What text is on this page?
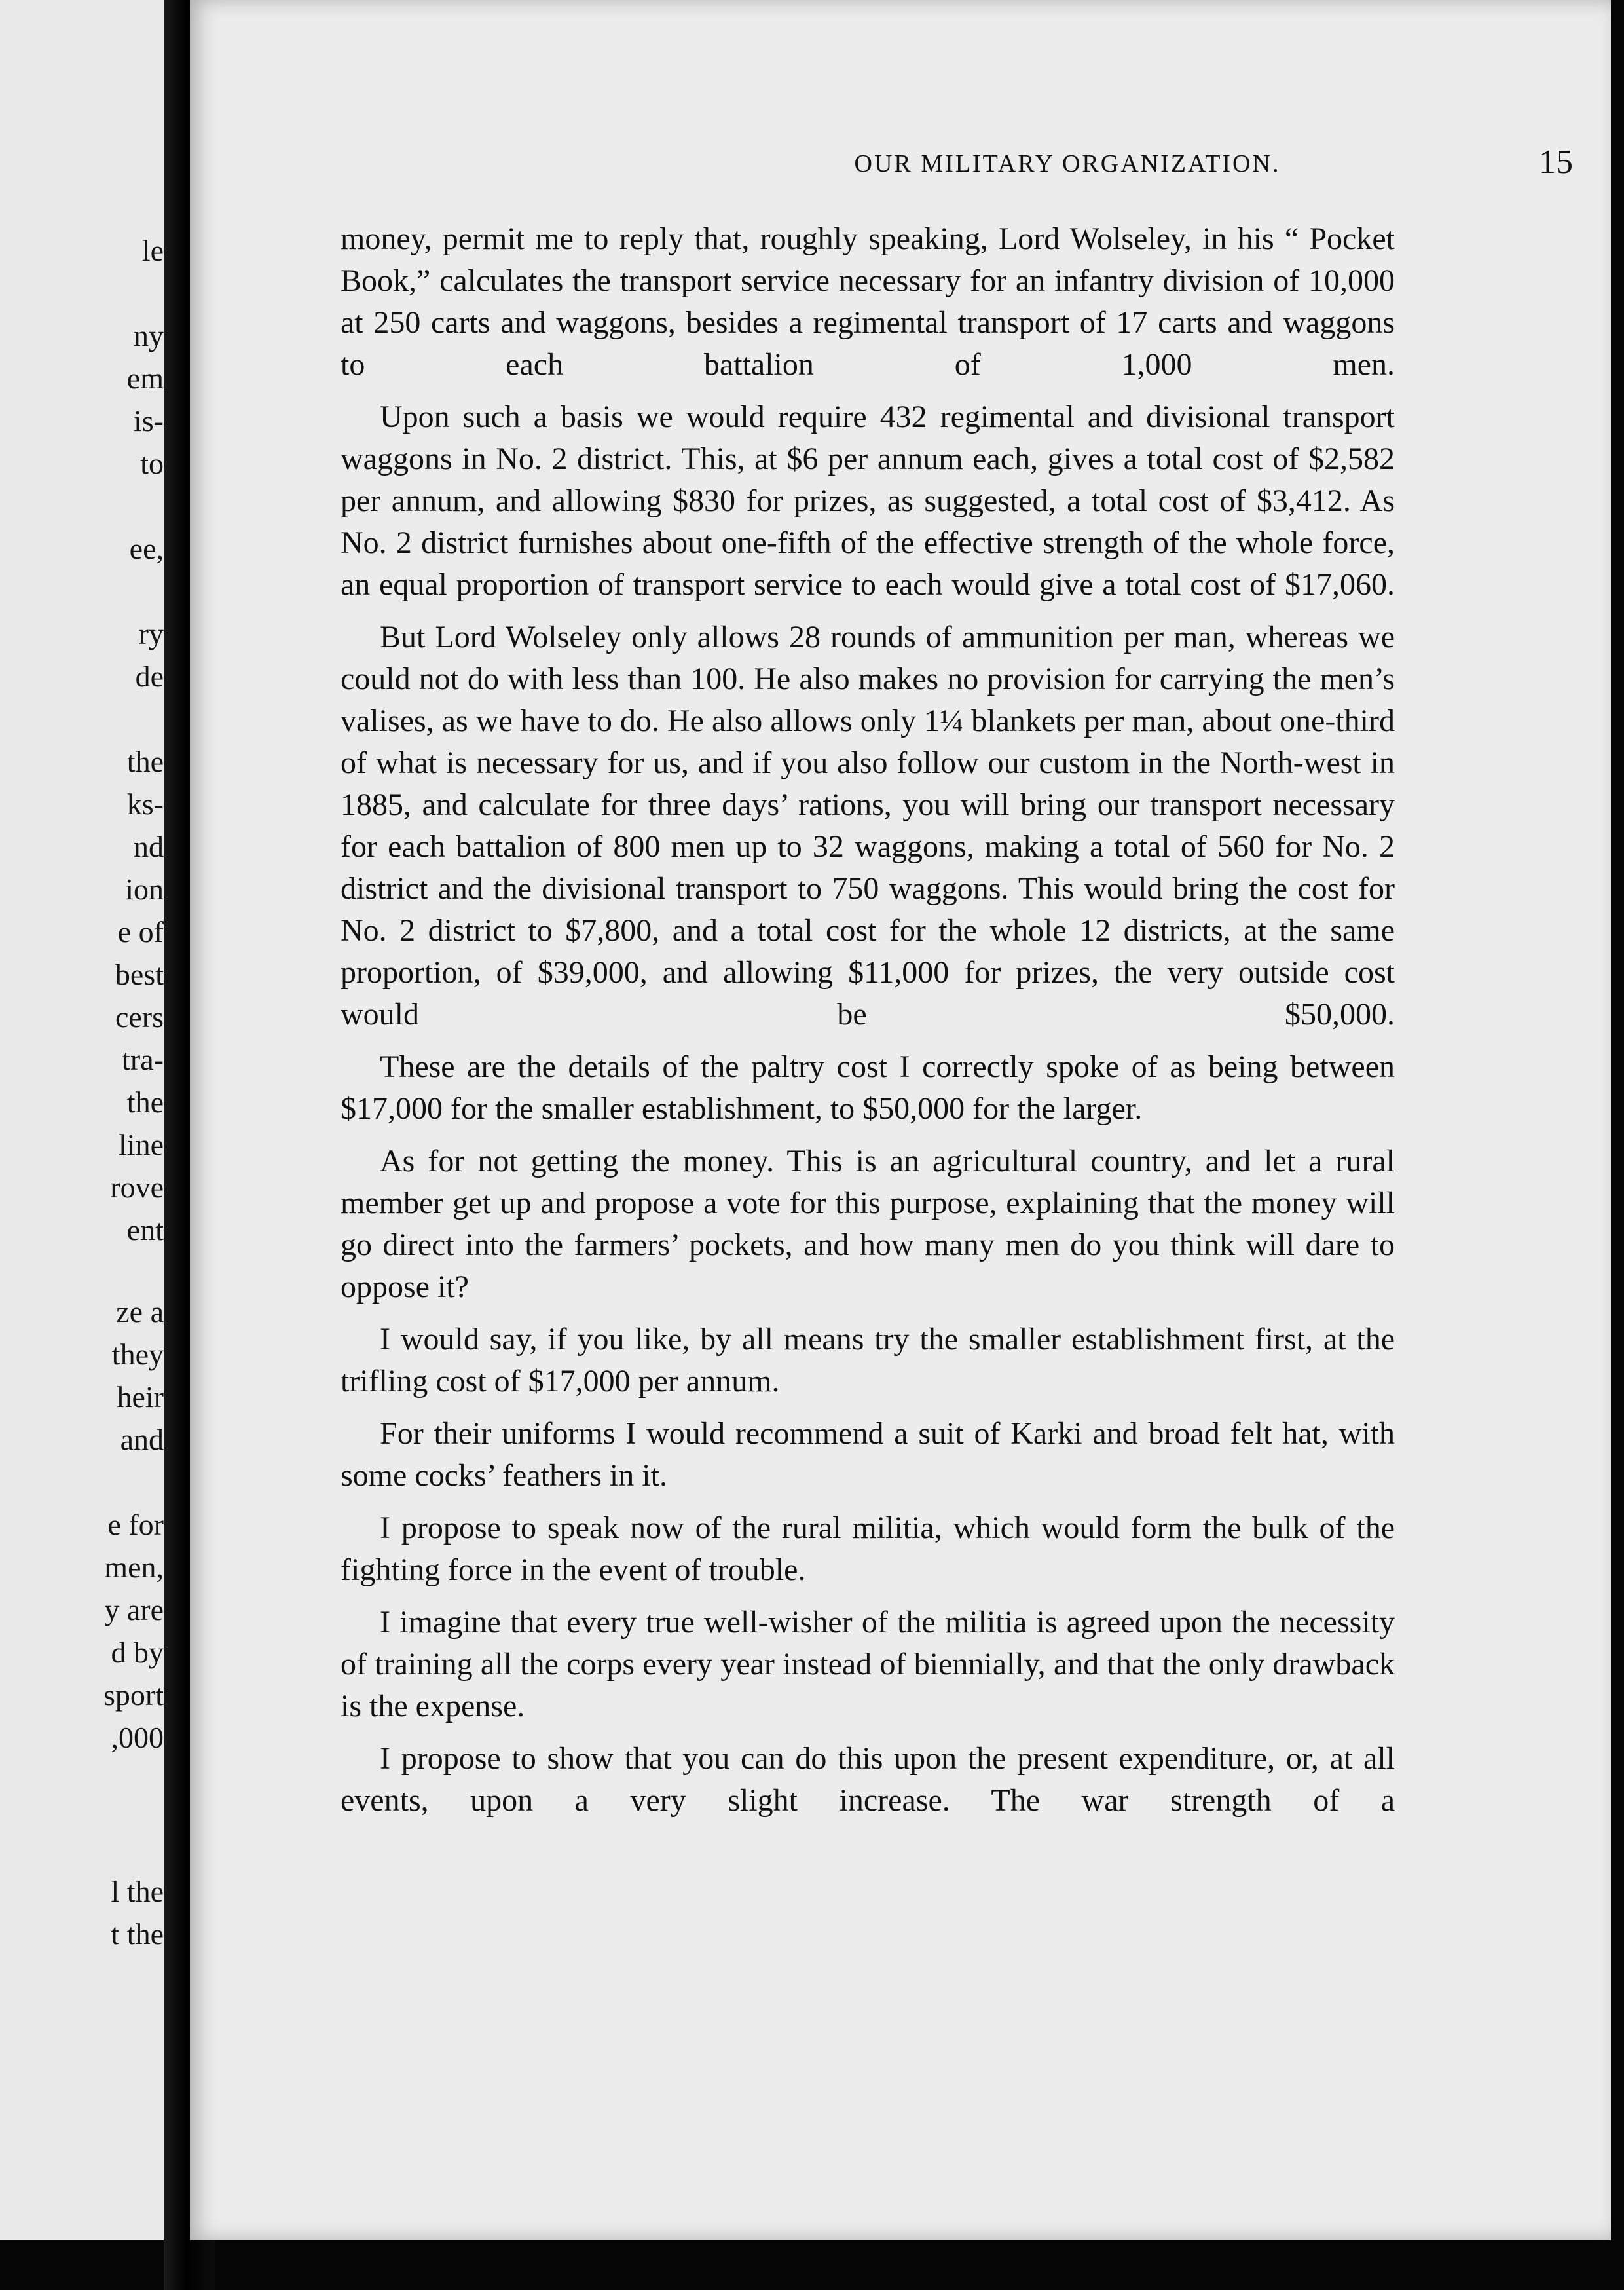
le
ny
em
is-
to
ee,
ry
de
the
ks-
nd
ion
e of
best
cers
tra-
the
line
rove
ent
ze a
they
heir
and
e for
men,
y are
d by
sport
,000
l the
t the
OUR MILITARY ORGANIZATION.	15

money, permit me to reply that, roughly speaking, Lord Wolseley, in his “ Pocket Book,” calculates the transport service necessary for an infantry division of 10,000 at 250 carts and waggons, besides a regimental transport of 17 carts and waggons to each battalion of 1,000 men.

Upon such a basis we would require 432 regimental and divisional transport waggons in No. 2 district. This, at $6 per annum each, gives a total cost of $2,582 per annum, and allowing $830 for prizes, as suggested, a total cost of $3,412. As No. 2 district furnishes about one-fifth of the effective strength of the whole force, an equal proportion of transport service to each would give a total cost of $17,060.

But Lord Wolseley only allows 28 rounds of ammunition per man, whereas we could not do with less than 100. He also makes no provision for carrying the men’s valises, as we have to do. He also allows only 1¼ blankets per man, about one-third of what is necessary for us, and if you also follow our custom in the North-west in 1885, and calculate for three days’ rations, you will bring our transport necessary for each battalion of 800 men up to 32 waggons, making a total of 560 for No. 2 district and the divisional transport to 750 waggons. This would bring the cost for No. 2 district to $7,800, and a total cost for the whole 12 districts, at the same proportion, of $39,000, and allowing $11,000 for prizes, the very outside cost would be $50,000.

These are the details of the paltry cost I correctly spoke of as being between $17,000 for the smaller establishment, to $50,000 for the larger.

As for not getting the money. This is an agricultural country, and let a rural member get up and propose a vote for this purpose, explaining that the money will go direct into the farmers’ pockets, and how many men do you think will dare to oppose it?

I would say, if you like, by all means try the smaller establishment first, at the trifling cost of $17,000 per annum.

For their uniforms I would recommend a suit of Karki and broad felt hat, with some cocks’ feathers in it.

I propose to speak now of the rural militia, which would form the bulk of the fighting force in the event of trouble.

I imagine that every true well-wisher of the militia is agreed upon the necessity of training all the corps every year instead of biennially, and that the only drawback is the expense.

I propose to show that you can do this upon the present expenditure, or, at all events, upon a very slight increase. The war strength of a
